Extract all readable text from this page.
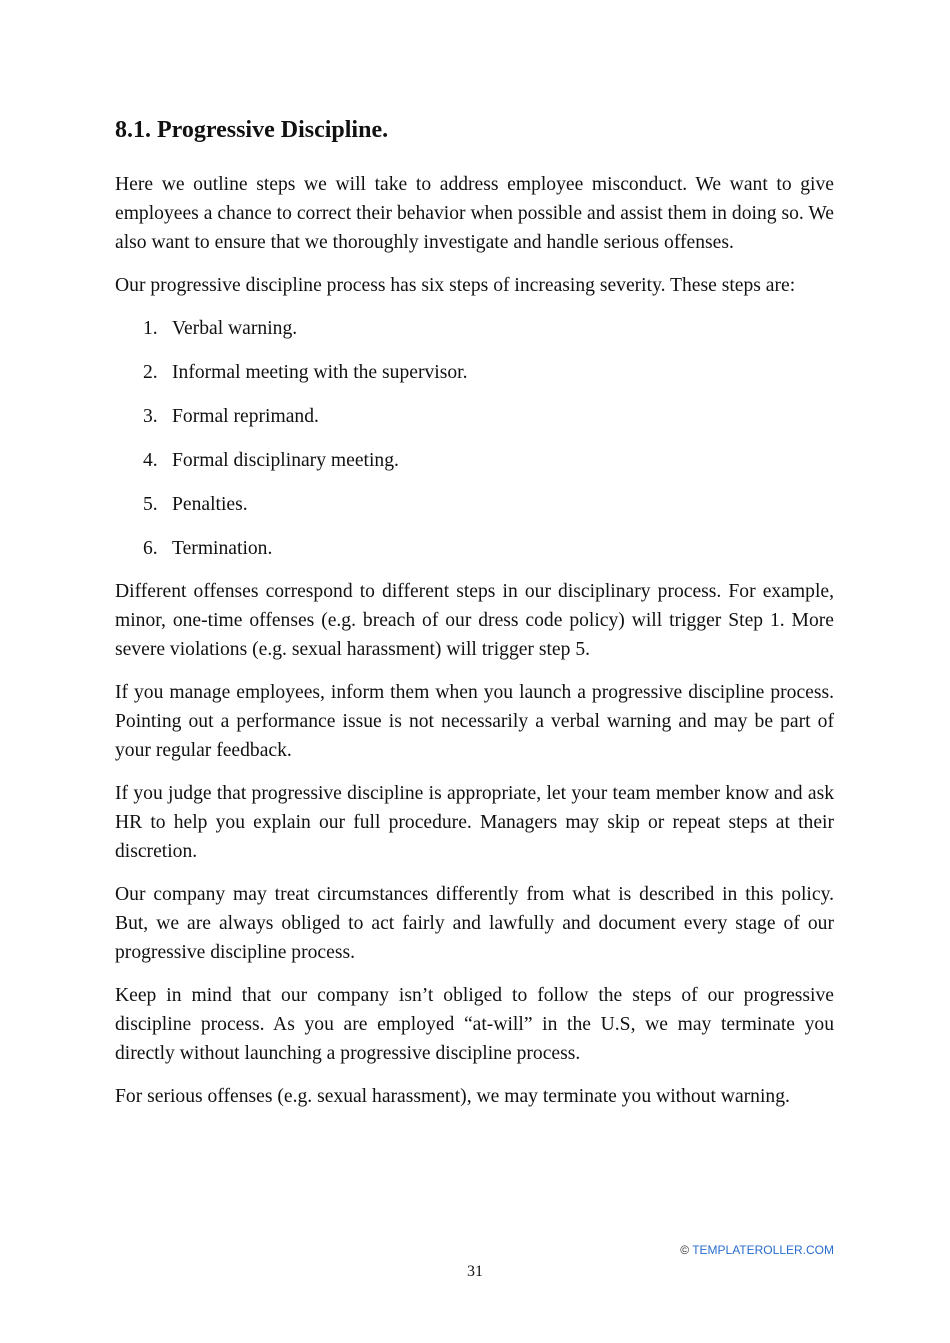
8.1. Progressive Discipline.

Here we outline steps we will take to address employee misconduct. We want to give employees a chance to correct their behavior when possible and assist them in doing so. We also want to ensure that we thoroughly investigate and handle serious offenses.

Our progressive discipline process has six steps of increasing severity. These steps are:

1. Verbal warning.
2. Informal meeting with the supervisor.
3. Formal reprimand.
4. Formal disciplinary meeting.
5. Penalties.
6. Termination.

Different offenses correspond to different steps in our disciplinary process. For example, minor, one-time offenses (e.g. breach of our dress code policy) will trigger Step 1. More severe violations (e.g. sexual harassment) will trigger step 5.

If you manage employees, inform them when you launch a progressive discipline process. Pointing out a performance issue is not necessarily a verbal warning and may be part of your regular feedback.

If you judge that progressive discipline is appropriate, let your team member know and ask HR to help you explain our full procedure. Managers may skip or repeat steps at their discretion.

Our company may treat circumstances differently from what is described in this policy. But, we are always obliged to act fairly and lawfully and document every stage of our progressive discipline process.

Keep in mind that our company isn’t obliged to follow the steps of our progressive discipline process. As you are employed “at-will” in the U.S, we may terminate you directly without launching a progressive discipline process.

For serious offenses (e.g. sexual harassment), we may terminate you without warning.

© TEMPLATEROLLER.COM
31
